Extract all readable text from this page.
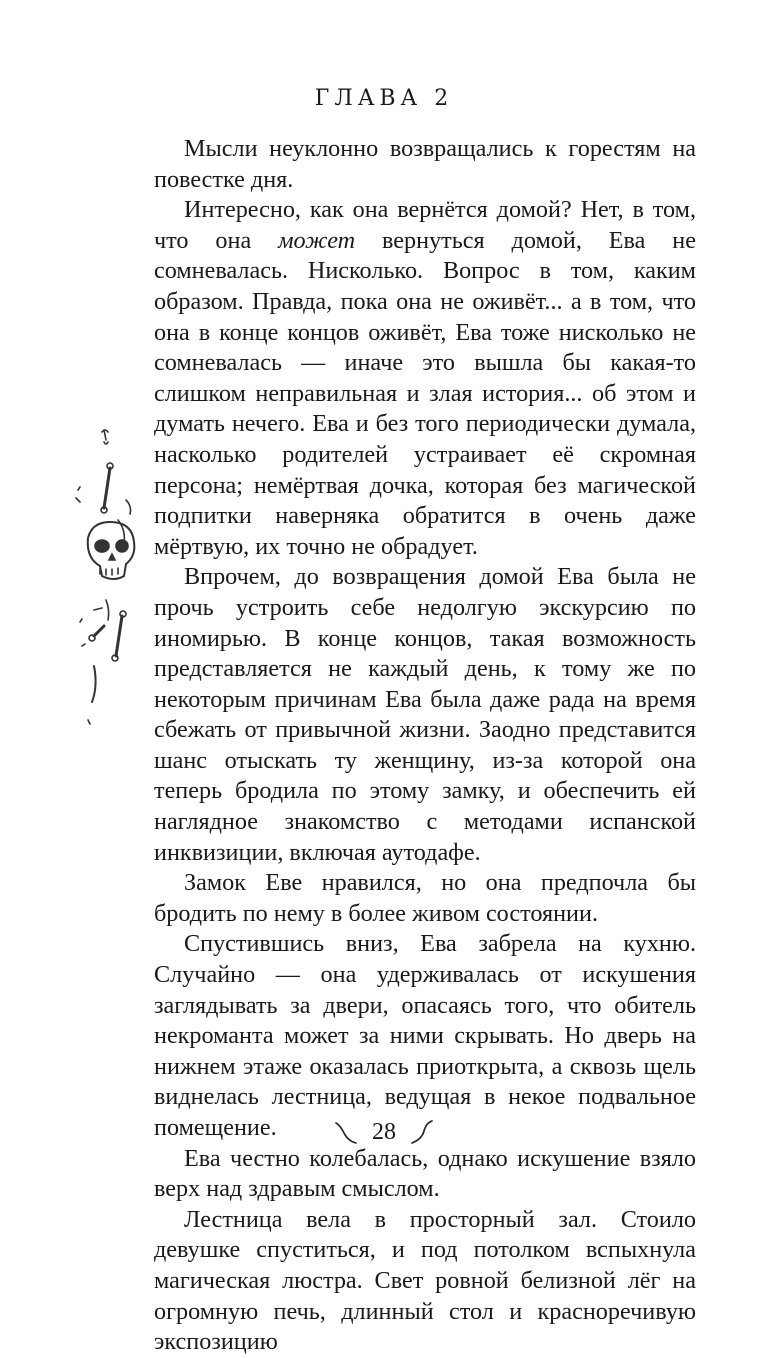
ГЛАВА 2

Мысли неуклонно возвращались к горестям на повестке дня.

Интересно, как она вернётся домой? Нет, в том, что она может вернуться домой, Ева не сомневалась. Нисколько. Вопрос в том, каким образом. Правда, пока она не оживёт... а в том, что она в конце концов оживёт, Ева тоже нисколько не сомневалась — иначе это вышла бы какая-то слишком неправильная и злая история... об этом и думать нечего. Ева и без того периодически думала, насколько родителей устраивает её скромная персона; немёртвая дочка, которая без магической подпитки наверняка обратится в очень даже мёртвую, их точно не обрадует.

Впрочем, до возвращения домой Ева была не прочь устроить себе недолгую экскурсию по иномирью. В конце концов, такая возможность представляется не каждый день, к тому же по некоторым причинам Ева была даже рада на время сбежать от привычной жизни. Заодно представится шанс отыскать ту женщину, из-за которой она теперь бродила по этому замку, и обеспечить ей наглядное знакомство с методами испанской инквизиции, включая аутодафе.

Замок Еве нравился, но она предпочла бы бродить по нему в более живом состоянии.

Спустившись вниз, Ева забрела на кухню. Случайно — она удерживалась от искушения заглядывать за двери, опасаясь того, что обитель некроманта может за ними скрывать. Но дверь на нижнем этаже оказалась приоткрыта, а сквозь щель виднелась лестница, ведущая в некое подвальное помещение.

Ева честно колебалась, однако искушение взяло верх над здравым смыслом.

Лестница вела в просторный зал. Стоило девушке спуститься, и под потолком вспыхнула магическая люстра. Свет ровной белизной лёг на огромную печь, длинный стол и красноречивую экспозицию

28
